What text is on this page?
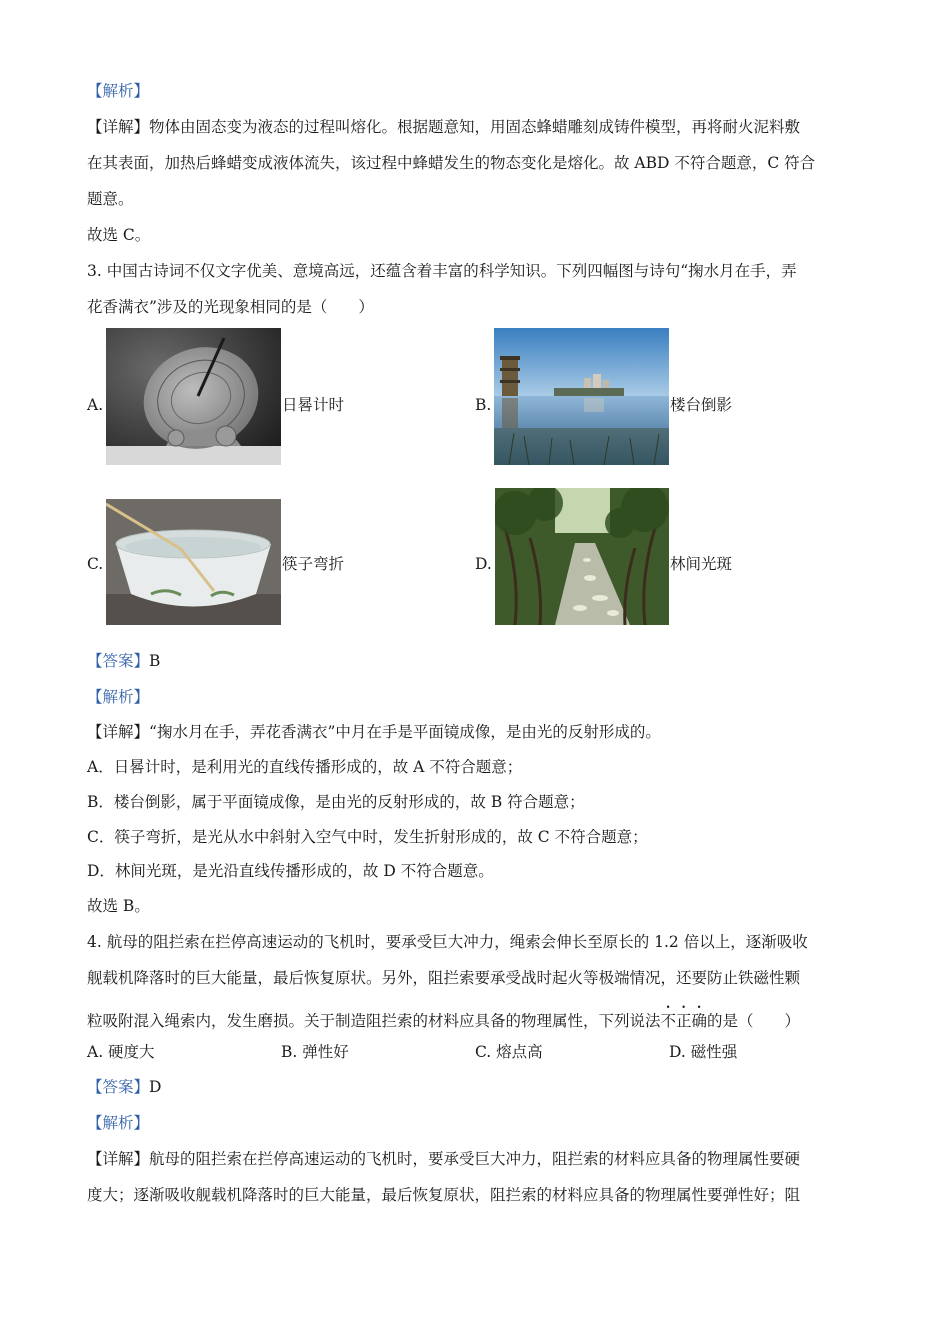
【解析】
【详解】物体由固态变为液态的过程叫熔化。根据题意知，用固态蜂蜡雕刻成铸件模型，再将耐火泥料敷
在其表面，加热后蜂蜡变成液体流失，该过程中蜂蜡发生的物态变化是熔化。故 ABD 不符合题意，C 符合
题意。
故选 C。
3. 中国古诗词不仅文字优美、意境高远，还蕴含着丰富的科学知识。下列四幅图与诗句“掬水月在手，弄
花香满衣”涉及的光现象相同的是（　　）
A.	日晷计时	B.	楼台倒影
C.	筷子弯折	D.	林间光斑
【答案】B
【解析】
【详解】“掬水月在手，弄花香满衣”中月在手是平面镜成像，是由光的反射形成的。
A．日晷计时，是利用光的直线传播形成的，故 A 不符合题意；
B．楼台倒影，属于平面镜成像，是由光的反射形成的，故 B 符合题意；
C．筷子弯折，是光从水中斜射入空气中时，发生折射形成的，故 C 不符合题意；
D．林间光斑，是光沿直线传播形成的，故 D 不符合题意。
故选 B。
4. 航母的阻拦索在拦停高速运动的飞机时，要承受巨大冲力，绳索会伸长至原长的 1.2 倍以上，逐渐吸收
舰载机降落时的巨大能量，最后恢复原状。另外，阻拦索要承受战时起火等极端情况，还要防止铁磁性颗
粒吸附混入绳索内，发生磨损。关于制造阻拦索的材料应具备的物理属性，下列说法不正确的是（　　）
A. 硬度大	B. 弹性好	C. 熔点高	D. 磁性强
【答案】D
【解析】
【详解】航母的阻拦索在拦停高速运动的飞机时，要承受巨大冲力，阻拦索的材料应具备的物理属性要硬
度大；逐渐吸收舰载机降落时的巨大能量，最后恢复原状，阻拦索的材料应具备的物理属性要弹性好；阻
